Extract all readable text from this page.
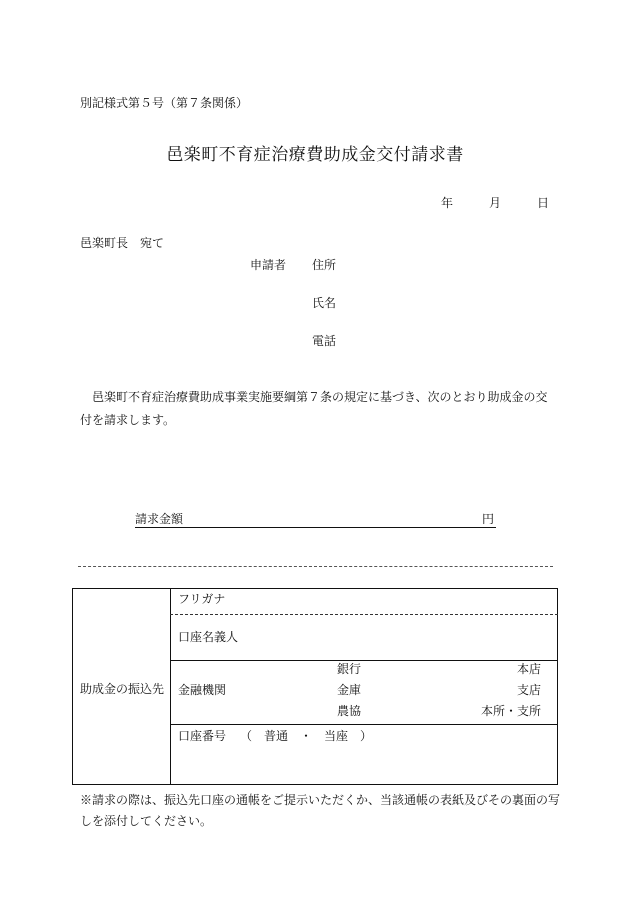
別記様式第５号（第７条関係）
邑楽町不育症治療費助成金交付請求書
年	月	日
邑楽町長　宛て
申請者 住所
氏名
電話
　邑楽町不育症治療費助成事業実施要綱第７条の規定に基づき、次のとおり助成金の交
付を請求します。
請求金額	円
助成金の振込先
フリガナ
口座名義人
金融機関
銀行	本店
金庫	支店
農協	本所・支所
口座番号 （　普通　・　当座　）
※請求の際は、振込先口座の通帳をご提示いただくか、当該通帳の表紙及びその裏面の写
しを添付してください。
